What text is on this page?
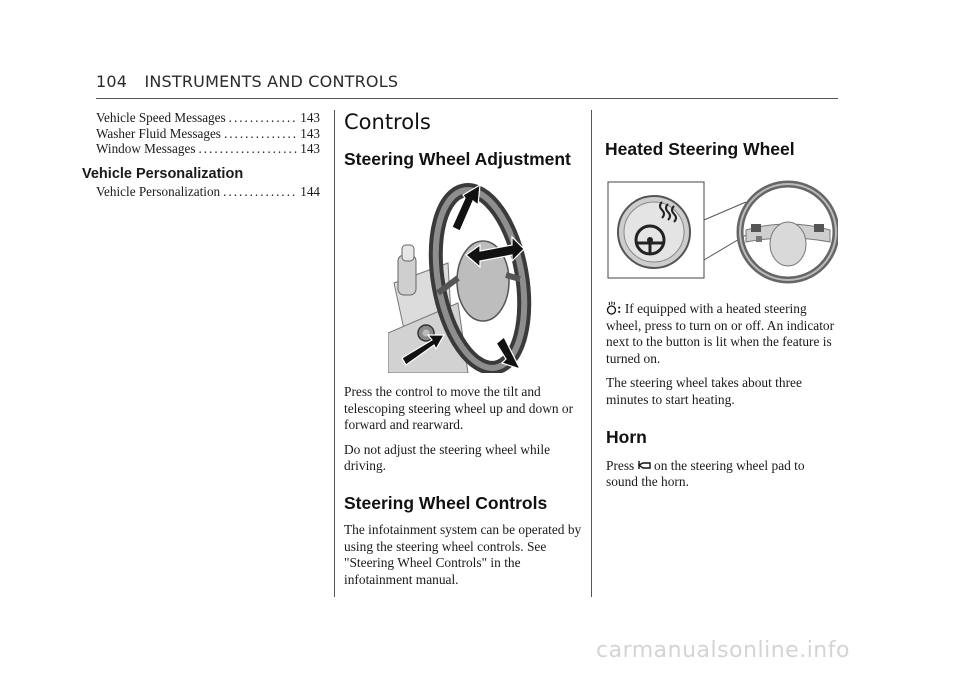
104 INSTRUMENTS AND CONTROLS
Vehicle Speed Messages .....	143
Washer Fluid Messages .....	143
Window Messages .....	143
Vehicle Personalization
Vehicle Personalization .....	144
Controls
Steering Wheel Adjustment

Press the control to move the tilt and telescoping steering wheel up and down or forward and rearward.

Do not adjust the steering wheel while driving.

Steering Wheel Controls

The infotainment system can be operated by using the steering wheel controls. See "Steering Wheel Controls" in the infotainment manual.

Heated Steering Wheel

: If equipped with a heated steering wheel, press to turn on or off. An indicator next to the button is lit when the feature is turned on.

The steering wheel takes about three minutes to start heating.

Horn

Press on the steering wheel pad to sound the horn.

carmanualsonline.info
